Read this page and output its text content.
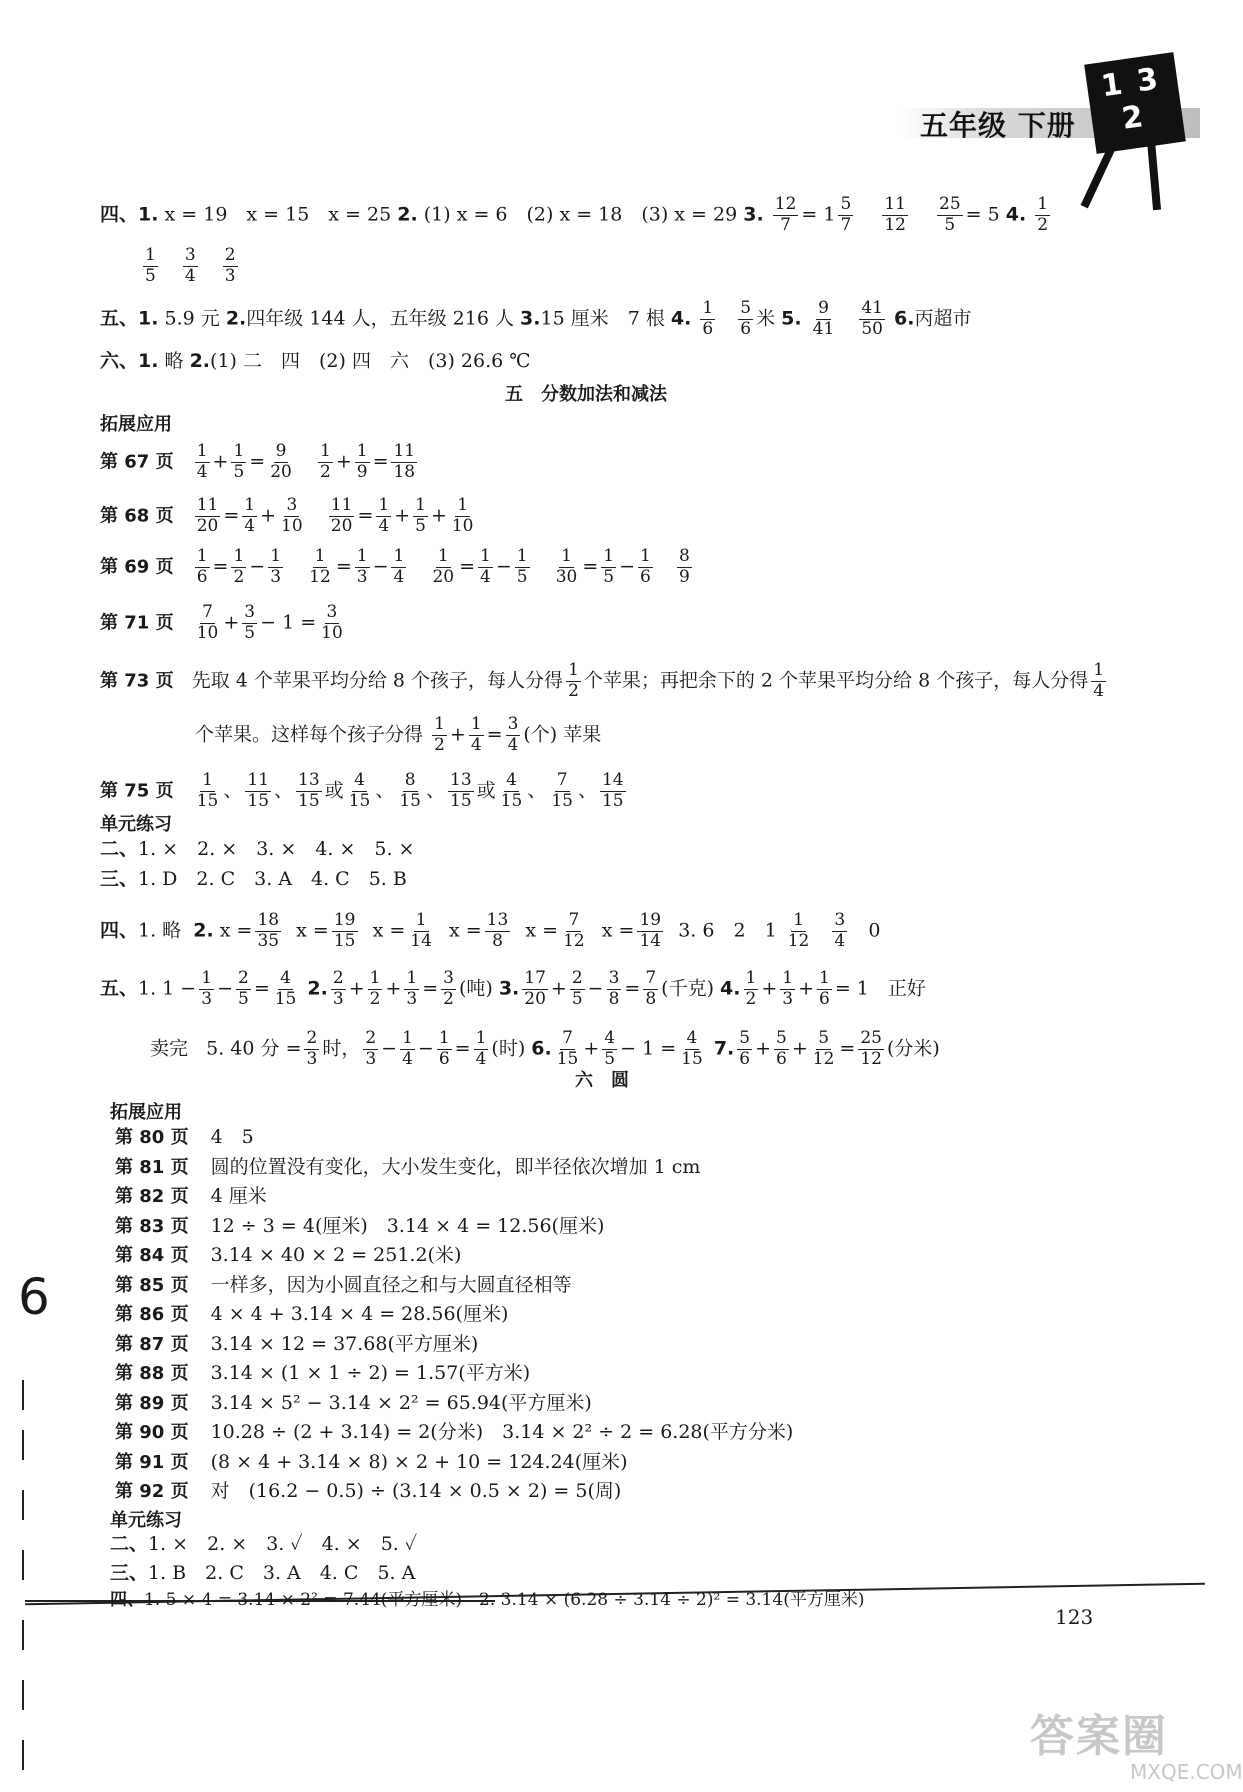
五年级 下册
1 3
2
四、1. x = 19　x = 15　x = 25 2. (1) x = 6　(2) x = 18　(3) x = 29 3. $\frac{12}{7} = 1 \frac{5}{7}$
$\frac{11}{12}$
$\frac{25}{5} = 5$ 4. $\frac{1}{2}$
$\frac{1}{5}$
$\frac{3}{4}$
$\frac{2}{3}$
五、1. 5.9 元 2.四年级 144 人，五年级 216 人 3.15 厘米　7 根 4. $\frac{1}{6}$
$\frac{5}{6}$ 米 5. $\frac{9}{41}$
$\frac{41}{50} 6$.丙超市
六、1. 略 2.(1) 二　四　(2) 四　六　(3) 26.6 ℃
五　分数加法和减法
拓展应用
第 67 页 $\frac{1}{4} + \frac{1}{5} = \frac{9}{20}$
$\frac{1}{2} + \frac{1}{9} = \frac{11}{18}$
第 68 页 $\frac{11}{20} = \frac{1}{4} + \frac{3}{10}$
$\frac{11}{20} = \frac{1}{4} + \frac{1}{5} + \frac{1}{10}$
第 69 页 $\frac{1}{6} = \frac{1}{2} - \frac{1}{3}$
$\frac{1}{12} = \frac{1}{3} - \frac{1}{4}$
$\frac{1}{20} = \frac{1}{4} - \frac{1}{5}$
$\frac{1}{30} = \frac{1}{5} - \frac{1}{6}$
$\frac{8}{9}$
第 71 页 $\frac{7}{10} + \frac{3}{5} - 1 = \frac{3}{10}$
第 73 页 先取 4 个苹果平均分给 8 个孩子，每人分得 $\frac{1}{2}$ 个苹果；再把余下的 2 个苹果平均分给 8 个孩子，每人分得 $\frac{1}{4}$
个苹果。这样每个孩子分得 $\frac{1}{2} + \frac{1}{4} = \frac{3}{4}$ (个) 苹果
第 75 页 $\frac{1}{15}$ 、 $\frac{11}{15}$ 、 $\frac{13}{15}$ 或 $\frac{4}{15}$ 、 $\frac{8}{15}$ 、 $\frac{13}{15}$ 或 $\frac{4}{15}$ 、 $\frac{7}{15}$ 、 $\frac{14}{15}$
单元练习
二、1. ×　2. ×　3. ×　4. ×　5. ×
三、1. D　2. C　3. A　4. C　5. B
四、1. 略 2. $x = \frac{18}{35}$ $x = \frac{19}{15}$ $x = \frac{1}{14}$ $x = \frac{13}{8}$ $x = \frac{7}{12}$ $x = \frac{19}{14} 3$. 6　2　$1 \frac{1}{12}$
$\frac{3}{4} 0$
五、1. $1 - \frac{1}{3} - \frac{2}{5} = \frac{4}{15} 2$. $\frac{2}{3} + \frac{1}{2} + \frac{1}{3} = \frac{3}{2}$ (吨) 3. $\frac{17}{20} + \frac{2}{5} - \frac{3}{8} = \frac{7}{8}$ (千克) 4. $\frac{1}{2} + \frac{1}{3} + \frac{1}{6} = 1$　正好
卖完 5. 40 分 = $\frac{2}{3}$ 时， $\frac{2}{3} - \frac{1}{4} - \frac{1}{6} = \frac{1}{4}$ (时) 6. $\frac{7}{15} + \frac{4}{5} - 1 = \frac{4}{15} 7$. $\frac{5}{6} + \frac{5}{6} + \frac{5}{12} = \frac{25}{12}$ (分米)
六　圆
拓展应用
第 80 页 4　5
第 81 页 圆的位置没有变化，大小发生变化，即半径依次增加 1 cm
第 82 页 4 厘米
第 83 页 12 ÷ 3 = 4(厘米)　3.14 × 4 = 12.56(厘米)
第 84 页 3.14 × 40 × 2 = 251.2(米)
第 85 页 一样多，因为小圆直径之和与大圆直径相等
第 86 页 4 × 4 + 3.14 × 4 = 28.56(厘米)
第 87 页 3.14 × 12 = 37.68(平方厘米)
第 88 页 3.14 × (1 × 1 ÷ 2) = 1.57(平方米)
第 89 页 3.14 × 5² − 3.14 × 2² = 65.94(平方厘米)
第 90 页 10.28 ÷ (2 + 3.14) = 2(分米)　3.14 × 2² ÷ 2 = 6.28(平方分米)
第 91 页 (8 × 4 + 3.14 × 8) × 2 + 10 = 124.24(厘米)
第 92 页 对　(16.2 − 0.5) ÷ (3.14 × 0.5 × 2) = 5(周)
单元练习
二、1. ×　2. ×　3. ✓　4. ×　5. ✓
三、1. B　2. C　3. A　4. C　5. A
四、1. 5 × 4 = 3.14 × 2² = 7.44(平方厘米)　2. 3.14 × (6.28 ÷ 3.14 ÷ 2)² = 3.14(平方厘米)
123
6
答案圈
MXQE.COM
